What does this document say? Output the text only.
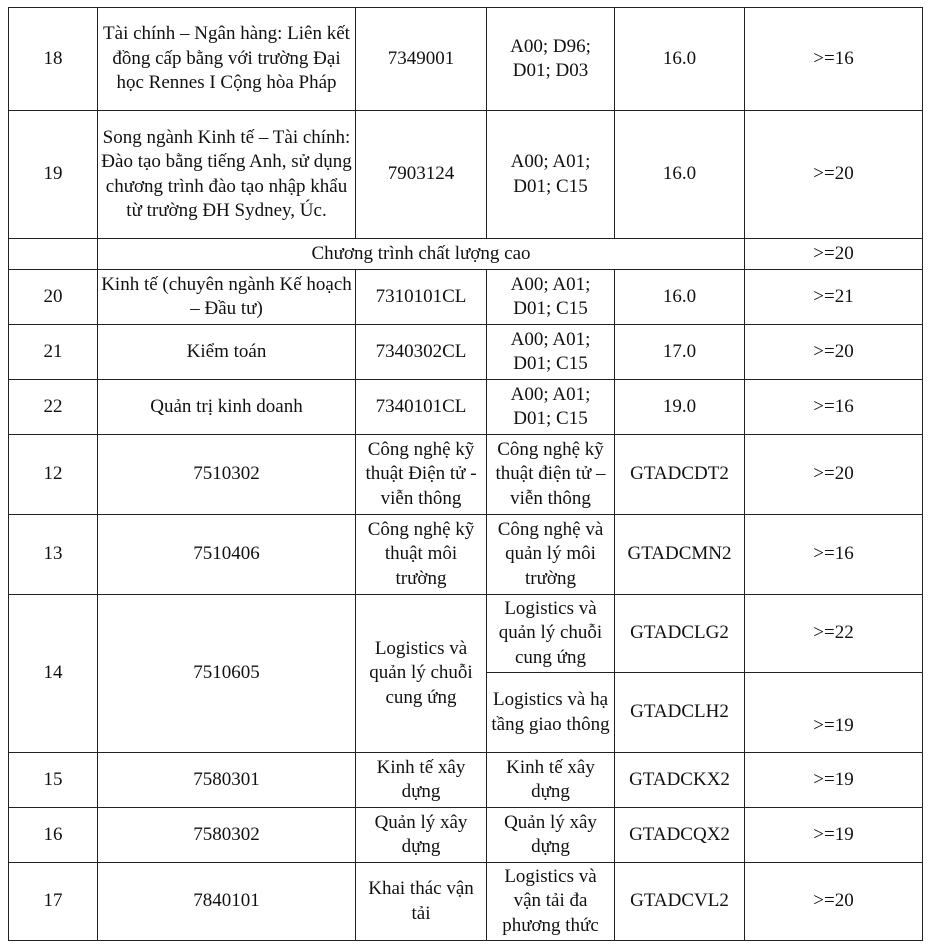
18	Tài chính – Ngân hàng: Liên kết đồng cấp bằng với trường Đại học Rennes I Cộng hòa Pháp	7349001	A00; D96; D01; D03	16.0	>=16
19	Song ngành Kinh tế – Tài chính: Đào tạo bằng tiếng Anh, sử dụng chương trình đào tạo nhập khẩu từ trường ĐH Sydney, Úc.	7903124	A00; A01; D01; C15	16.0	>=20
	Chương trình chất lượng cao				>=20
20	Kinh tế (chuyên ngành Kế hoạch – Đầu tư)	7310101CL	A00; A01; D01; C15	16.0	>=21
21	Kiểm toán	7340302CL	A00; A01; D01; C15	17.0	>=20
22	Quản trị kinh doanh	7340101CL	A00; A01; D01; C15	19.0	>=16
12	7510302	Công nghệ kỹ thuật Điện tử - viễn thông	Công nghệ kỹ thuật điện tử – viễn thông	GTADCDT2	>=20
13	7510406	Công nghệ kỹ thuật môi trường	Công nghệ và quản lý môi trường	GTADCMN2	>=16
14	7510605	Logistics và quản lý chuỗi cung ứng	Logistics và quản lý chuỗi cung ứng	GTADCLG2	>=22
			Logistics và hạ tầng giao thông	GTADCLH2	>=19
15	7580301	Kinh tế xây dựng	Kinh tế xây dựng	GTADCKX2	>=19
16	7580302	Quản lý xây dựng	Quản lý xây dựng	GTADCQX2	>=19
17	7840101	Khai thác vận tải	Logistics và vận tải đa phương thức	GTADCVL2	>=20
